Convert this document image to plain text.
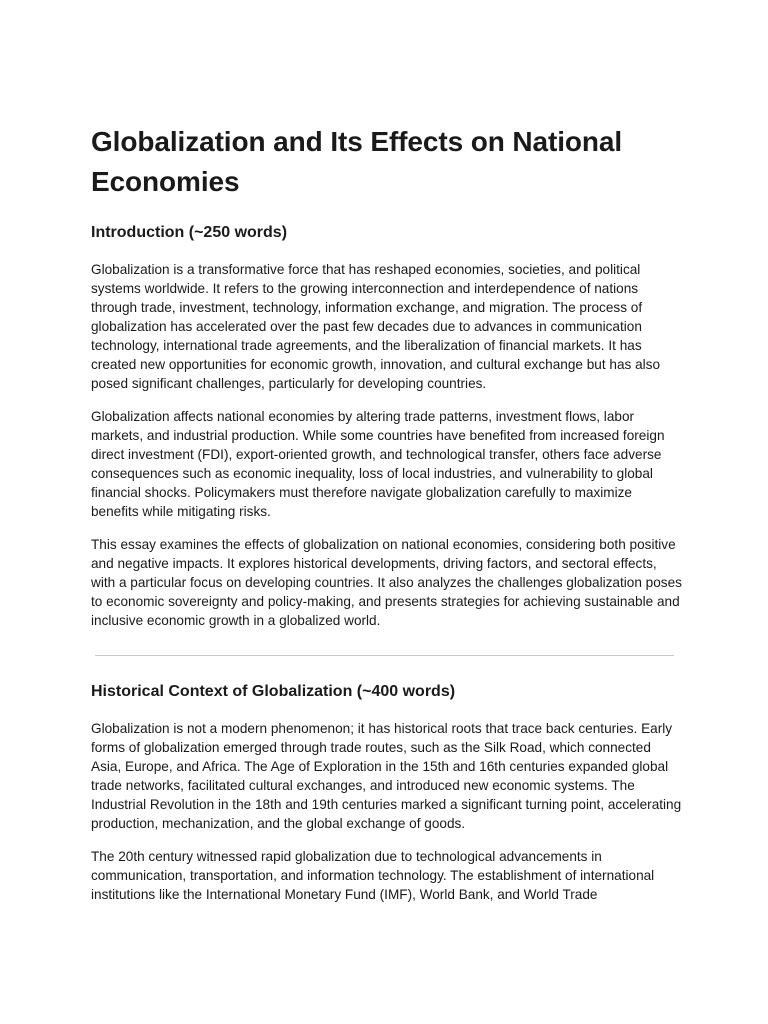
Globalization and Its Effects on National Economies
Introduction (~250 words)

Globalization is a transformative force that has reshaped economies, societies, and political systems worldwide. It refers to the growing interconnection and interdependence of nations through trade, investment, technology, information exchange, and migration. The process of globalization has accelerated over the past few decades due to advances in communication technology, international trade agreements, and the liberalization of financial markets. It has created new opportunities for economic growth, innovation, and cultural exchange but has also posed significant challenges, particularly for developing countries.

Globalization affects national economies by altering trade patterns, investment flows, labor markets, and industrial production. While some countries have benefited from increased foreign direct investment (FDI), export-oriented growth, and technological transfer, others face adverse consequences such as economic inequality, loss of local industries, and vulnerability to global financial shocks. Policymakers must therefore navigate globalization carefully to maximize benefits while mitigating risks.

This essay examines the effects of globalization on national economies, considering both positive and negative impacts. It explores historical developments, driving factors, and sectoral effects, with a particular focus on developing countries. It also analyzes the challenges globalization poses to economic sovereignty and policy-making, and presents strategies for achieving sustainable and inclusive economic growth in a globalized world.

Historical Context of Globalization (~400 words)

Globalization is not a modern phenomenon; it has historical roots that trace back centuries. Early forms of globalization emerged through trade routes, such as the Silk Road, which connected Asia, Europe, and Africa. The Age of Exploration in the 15th and 16th centuries expanded global trade networks, facilitated cultural exchanges, and introduced new economic systems. The Industrial Revolution in the 18th and 19th centuries marked a significant turning point, accelerating production, mechanization, and the global exchange of goods.

The 20th century witnessed rapid globalization due to technological advancements in communication, transportation, and information technology. The establishment of international institutions like the International Monetary Fund (IMF), World Bank, and World Trade
